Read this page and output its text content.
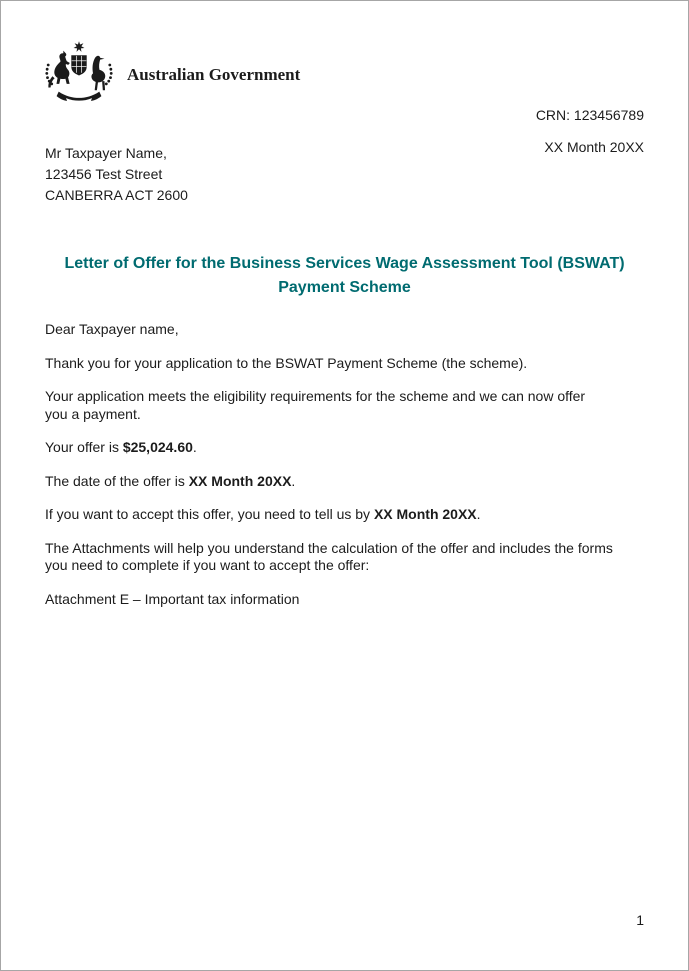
Australian Government
CRN: 123456789
XX Month 20XX
Mr Taxpayer Name,
123456 Test Street
CANBERRA ACT 2600
Letter of Offer for the Business Services Wage Assessment Tool (BSWAT)
Payment Scheme

Dear Taxpayer name,

Thank you for your application to the BSWAT Payment Scheme (the scheme).

Your application meets the eligibility requirements for the scheme and we can now offer
you a payment.

Your offer is $25,024.60.

The date of the offer is XX Month 20XX.

If you want to accept this offer, you need to tell us by XX Month 20XX.

The Attachments will help you understand the calculation of the offer and includes the forms
you need to complete if you want to accept the offer:

Attachment E – Important tax information

1
